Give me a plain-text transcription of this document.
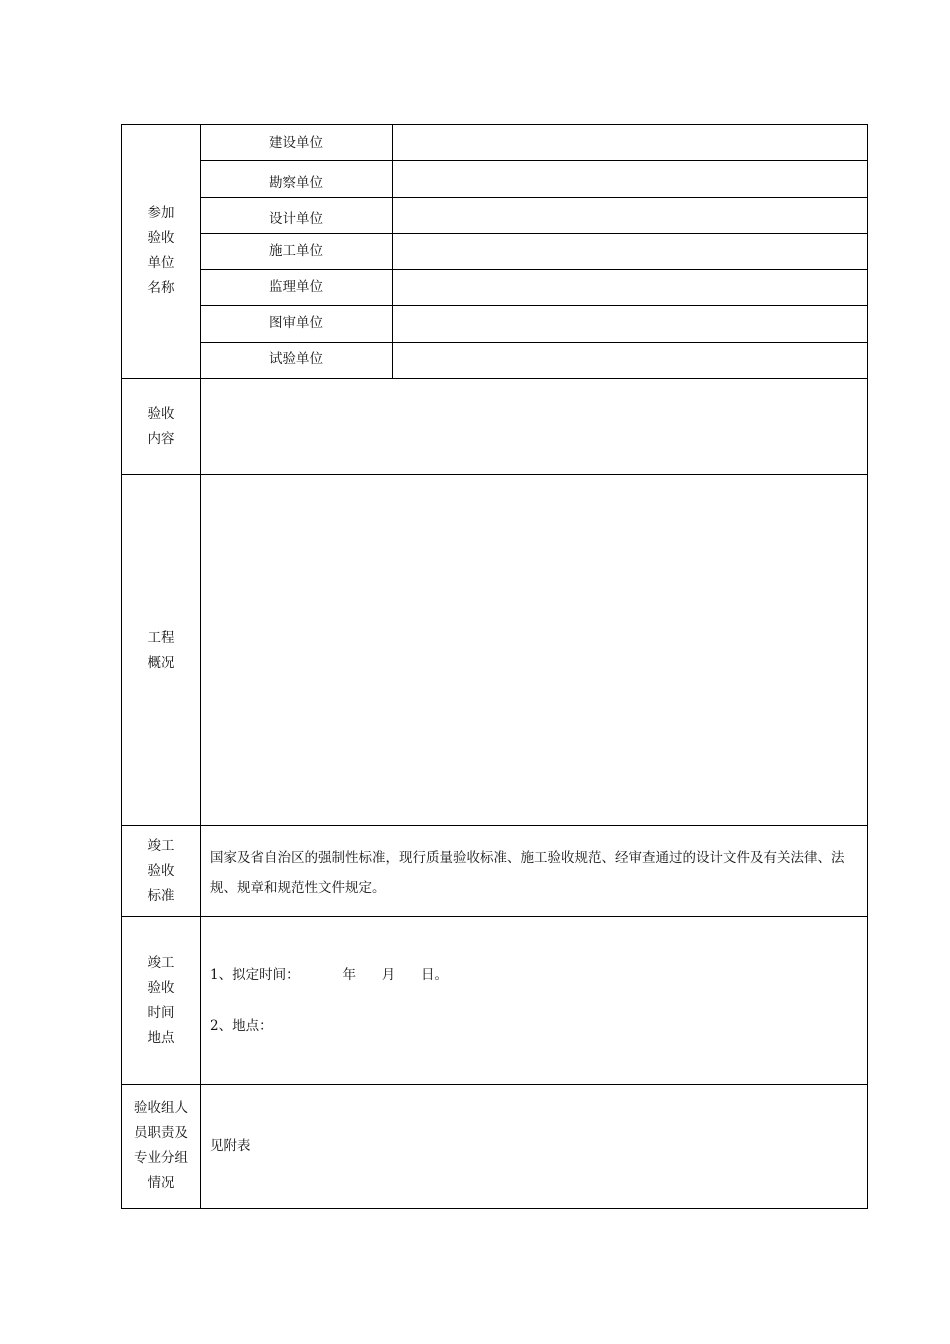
参加
验收
单位
名称
建设单位
勘察单位
设计单位
施工单位
监理单位
图审单位
试验单位
验收
内容
工程
概况
竣工
验收
标准
国家及省自治区的强制性标准，现行质量验收标准、施工验收规范、经审查通过的设计文件及有关法律、法规、规章和规范性文件规定。
竣工
验收
时间
地点
1、拟定时间：          年      月      日。
2、地点：
验收组人
员职责及
专业分组
情况
见附表
